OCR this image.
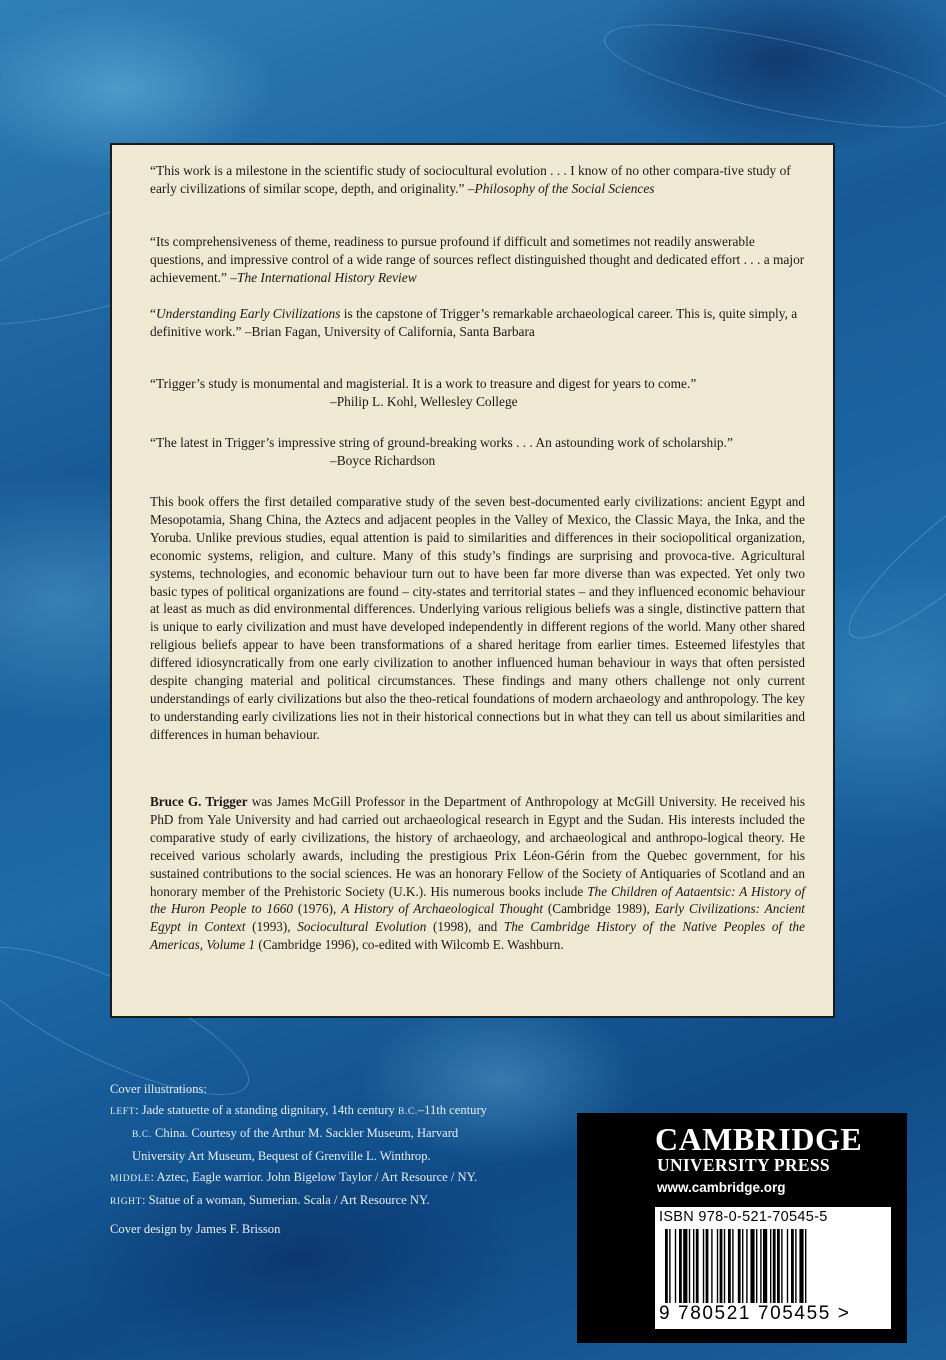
“This work is a milestone in the scientific study of sociocultural evolution . . . I know of no other compara-tive study of early civilizations of similar scope, depth, and originality.” –Philosophy of the Social Sciences

“Its comprehensiveness of theme, readiness to pursue profound if difficult and sometimes not readily answerable questions, and impressive control of a wide range of sources reflect distinguished thought and dedicated effort . . . a major achievement.” –The International History Review

“Understanding Early Civilizations is the capstone of Trigger’s remarkable archaeological career. This is, quite simply, a definitive work.” –Brian Fagan, University of California, Santa Barbara

“Trigger’s study is monumental and magisterial. It is a work to treasure and digest for years to come.”
–Philip L. Kohl, Wellesley College

“The latest in Trigger’s impressive string of ground-breaking works . . . An astounding work of scholarship.”
–Boyce Richardson

This book offers the first detailed comparative study of the seven best-documented early civilizations: ancient Egypt and Mesopotamia, Shang China, the Aztecs and adjacent peoples in the Valley of Mexico, the Classic Maya, the Inka, and the Yoruba. Unlike previous studies, equal attention is paid to similarities and differences in their sociopolitical organization, economic systems, religion, and culture. Many of this study’s findings are surprising and provoca-tive. Agricultural systems, technologies, and economic behaviour turn out to have been far more diverse than was expected. Yet only two basic types of political organizations are found – city-states and territorial states – and they influenced economic behaviour at least as much as did environmental differences. Underlying various religious beliefs was a single, distinctive pattern that is unique to early civilization and must have developed independently in different regions of the world. Many other shared religious beliefs appear to have been transformations of a shared heritage from earlier times. Esteemed lifestyles that differed idiosyncratically from one early civilization to another influenced human behaviour in ways that often persisted despite changing material and political circumstances. These findings and many others challenge not only current understandings of early civilizations but also the theo-retical foundations of modern archaeology and anthropology. The key to understanding early civilizations lies not in their historical connections but in what they can tell us about similarities and differences in human behaviour.

Bruce G. Trigger was James McGill Professor in the Department of Anthropology at McGill University. He received his PhD from Yale University and had carried out archaeological research in Egypt and the Sudan. His interests included the comparative study of early civilizations, the history of archaeology, and archaeological and anthropo-logical theory. He received various scholarly awards, including the prestigious Prix Léon-Gérin from the Quebec government, for his sustained contributions to the social sciences. He was an honorary Fellow of the Society of Antiquaries of Scotland and an honorary member of the Prehistoric Society (U.K.). His numerous books include The Children of Aataentsic: A History of the Huron People to 1660 (1976), A History of Archaeological Thought (Cambridge 1989), Early Civilizations: Ancient Egypt in Context (1993), Sociocultural Evolution (1998), and The Cambridge History of the Native Peoples of the Americas, Volume 1 (Cambridge 1996), co-edited with Wilcomb E. Washburn.

Cover illustrations:
LEFT: Jade statuette of a standing dignitary, 14th century B.C.–11th century
B.C. China. Courtesy of the Arthur M. Sackler Museum, Harvard
University Art Museum, Bequest of Grenville L. Winthrop.
MIDDLE: Aztec, Eagle warrior. John Bigelow Taylor / Art Resource / NY.
RIGHT: Statue of a woman, Sumerian. Scala / Art Resource NY.
Cover design by James F. Brisson
CAMBRIDGE
UNIVERSITY PRESS
www.cambridge.org
ISBN 978-0-521-70545-5
9 780521 705455 >
